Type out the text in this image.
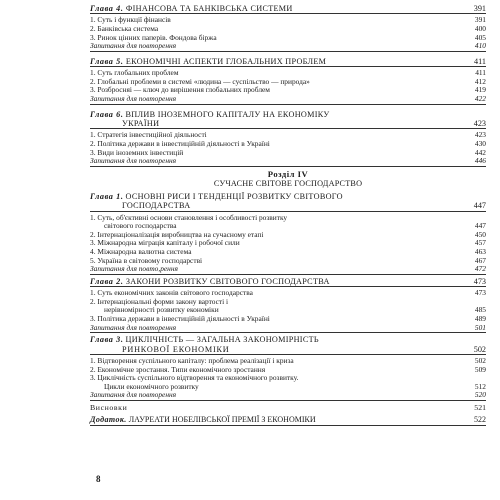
Глава 4. ФІНАНСОВА ТА БАНКІВСЬКА СИСТЕМИ	391
1. Суть і функції фінансів	391
2. Банківська система	400
3. Ринок цінних паперів. Фондова біржа	405
Запитання для повторення	410
Глава 5. ЕКОНОМІЧНІ АСПЕКТИ ГЛОБАЛЬНИХ ПРОБЛЕМ	411
1. Суть глобальних проблем	411
2. Глобальні проблеми в системі «людина — суспільство — природа»	412
3. Розбросняі — ключ до вирішення глобальних проблем	419
Запитання для повторення	422
Глава 6. ВПЛИВ ІНОЗЕМНОГО КАПІТАЛУ НА ЕКОНОМІКУ
УКРАЇНИ	423
1. Стратегія інвестиційної діяльності	423
2. Політика держави в інвестиційній діяльності в Україні	430
3. Види іноземних інвестицій	442
Запитання для повторення	446
Розділ IV
СУЧАСНЕ СВІТОВЕ ГОСПОДАРСТВО
Глава 1. ОСНОВНІ РИСИ І ТЕНДЕНЦІЇ РОЗВИТКУ СВІТОВОГО
ГОСПОДАРСТВА	447
1. Суть, об'єктивні основи становлення і особливості розвитку
світового господарства	447
2. Інтернаціоналізація виробництва на сучасному етапі	450
3. Міжнародна міграція капіталу і робочої сили	457
4. Міжнародна валютна система	463
5. Україна в світовому господарстві	467
Запитання для повто,рення	472
Глава 2. ЗАКОНИ РОЗВИТКУ СВІТОВОГО ГОСПОДАРСТВА	473
1. Суть економічних законів світового господарства	473
2. Інтернаціональні форми закону вартості і
нерівномірності розвитку економіки	485
3. Політика держави в інвестиційній діяльності в Україні	489
Запитання для повторення	501
Глава 3. ЦИКЛІЧНІСТЬ — ЗАГАЛЬНА ЗАКОНОМІРНІСТЬ
РИНКОВОЇ ЕКОНОМІКИ	502
1. Відтворення суспільного капіталу: проблема реалізації і криза	502
2. Економічне зростання. Типи економічного зростання	509
3. Циклічність суспільного відтворення та економічного розвитку.
Цикли економічного розвитку	512
Запитання для повторення	520
Висновки	521
Додаток. ЛАУРЕАТИ НОБЕЛІВСЬКОЇ ПРЕМІЇ З ЕКОНОМІКИ	522
8
